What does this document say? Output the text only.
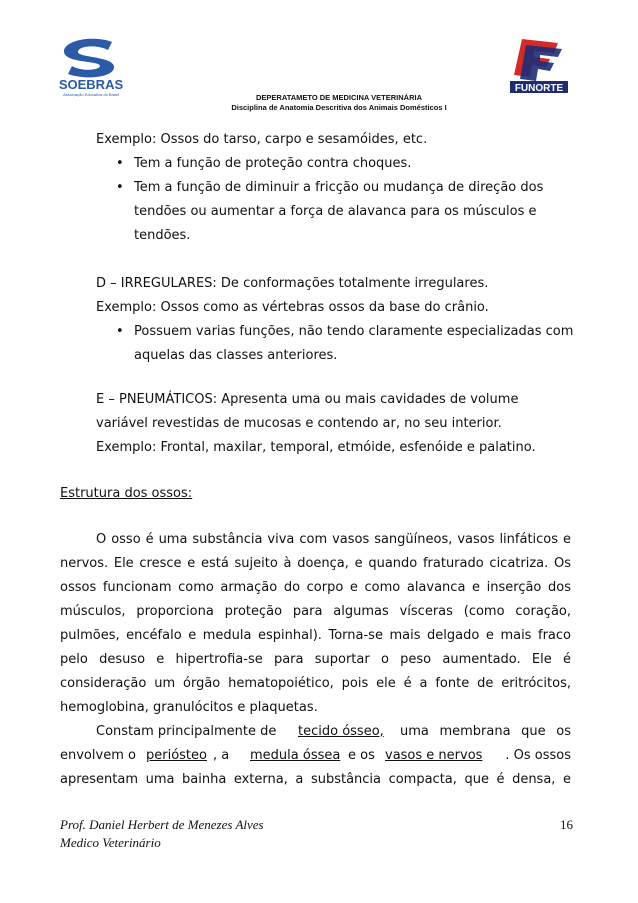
SOEBRAS
Associação Educativa do Brasil
FUNORTE
DEPERATAMETO DE MEDICINA VETERINÁRIA
Disciplina de Anatomia Descritiva dos Animais Domésticos I
Exemplo: Ossos do tarso, carpo e sesamóides, etc.
• Tem a função de proteção contra choques.
• Tem a função de diminuir a fricção ou mudança de direção dos
tendões ou aumentar a força de alavanca para os músculos e
tendões.
D – IRREGULARES: De conformações totalmente irregulares.
Exemplo: Ossos como as vértebras ossos da base do crânio.
• Possuem varias funções, não tendo claramente especializadas com
aquelas das classes anteriores.
E – PNEUMÁTICOS: Apresenta uma ou mais cavidades de volume
variável revestidas de mucosas e contendo ar, no seu interior.
Exemplo: Frontal, maxilar, temporal, etmóide, esfenóide e palatino.
Estrutura dos ossos:
O osso é uma substância viva com vasos sangüíneos, vasos linfáticos e
nervos. Ele cresce e está sujeito à doença, e quando fraturado cicatriza. Os
ossos funcionam como armação do corpo e como alavanca e inserção dos
músculos, proporciona proteção para algumas vísceras (como coração,
pulmões, encéfalo e medula espinhal). Torna-se mais delgado e mais fraco
pelo desuso e hipertrofia-se para suportar o peso aumentado. Ele é
consideração um órgão hematopoiético, pois ele é a fonte de eritrócitos,
hemoglobina, granulócitos e plaquetas.
Constam principalmente de tecido ósseo, uma membrana que os
envolvem o periósteo , a medula óssea e os vasos e nervos	. Os ossos
apresentam uma bainha externa, a substância compacta, que é densa, e
Prof. Daniel Herbert de Menezes Alves
Medico Veterinário
16
